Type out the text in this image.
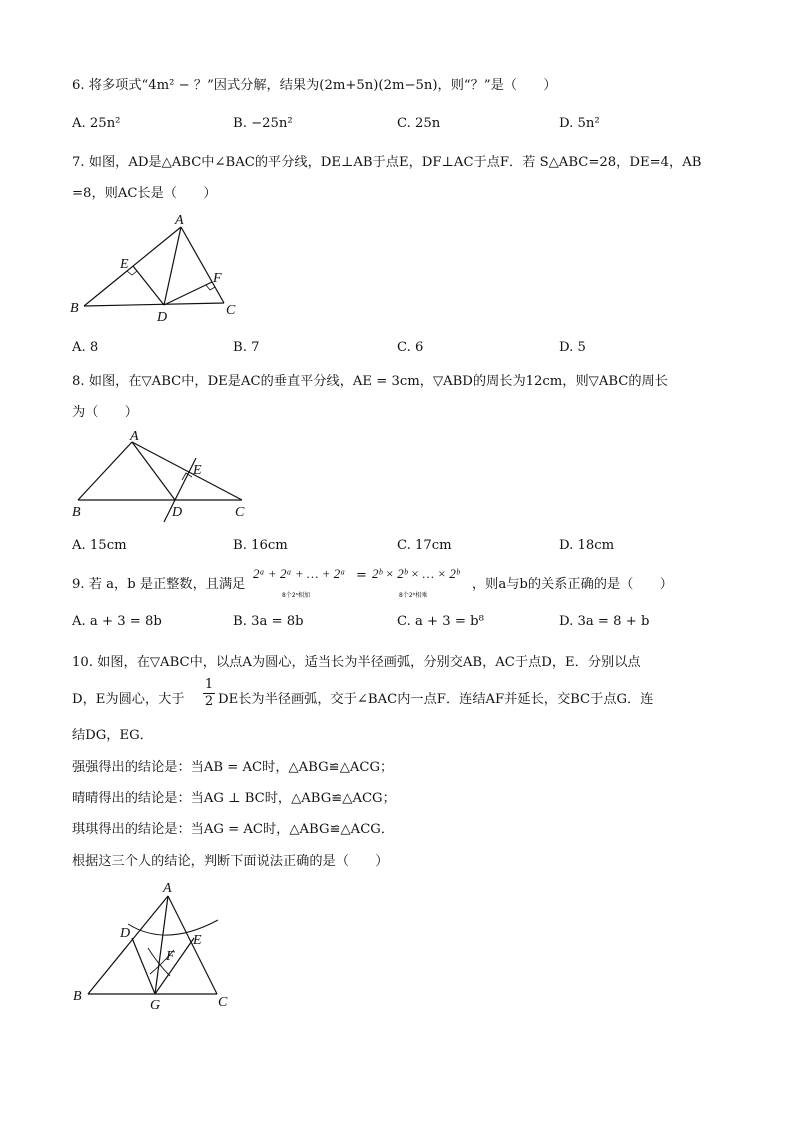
6. 将多项式“4m² − ？”因式分解，结果为(2m+5n)(2m−5n)，则“？”是（　　）
A. 25n²	B. −25n²	C. 25n	D. 5n²
7. 如图，AD是△ABC中∠BAC的平分线，DE⊥AB于点E，DF⊥AC于点F．若 S△ABC=28，DE=4，AB
=8，则AC长是（　　）
A
B	C
D
E
F
A. 8	B. 7	C. 6	D. 5
8. 如图，在▽ABC中，DE是AC的垂直平分线，AE = 3cm，▽ABD的周长为12cm，则▽ABC的周长
为（　　）
A
B	C
D
E
A. 15cm	B. 16cm	C. 17cm	D. 18cm
9. 若 a，b 是正整数，且满足
2ᵃ + 2ᵃ + … + 2ᵃ
8个2ᵃ相加
= 2ᵇ × 2ᵇ × … × 2ᵇ
8个2ᵇ相乘
，则a与b的关系正确的是（　　）
A. a + 3 = 8b	B. 3a = 8b	C. a + 3 = b⁸	D. 3a = 8 + b
10. 如图，在▽ABC中，以点A为圆心，适当长为半径画弧，分别交AB，AC于点D，E．分别以点
D，E为圆心，大于 $\frac{1}{2}$ DE长为半径画弧，交于∠BAC内一点F．连结AF并延长，交BC于点G．连
结DG，EG．
强强得出的结论是：当AB = AC时，△ABG≌△ACG；
晴晴得出的结论是：当AG ⊥ BC时，△ABG≌△ACG；
琪琪得出的结论是：当AG = AC时，△ABG≌△ACG．
根据这三个人的结论，判断下面说法正确的是（　　）
A
B	C
D	E
F
G
